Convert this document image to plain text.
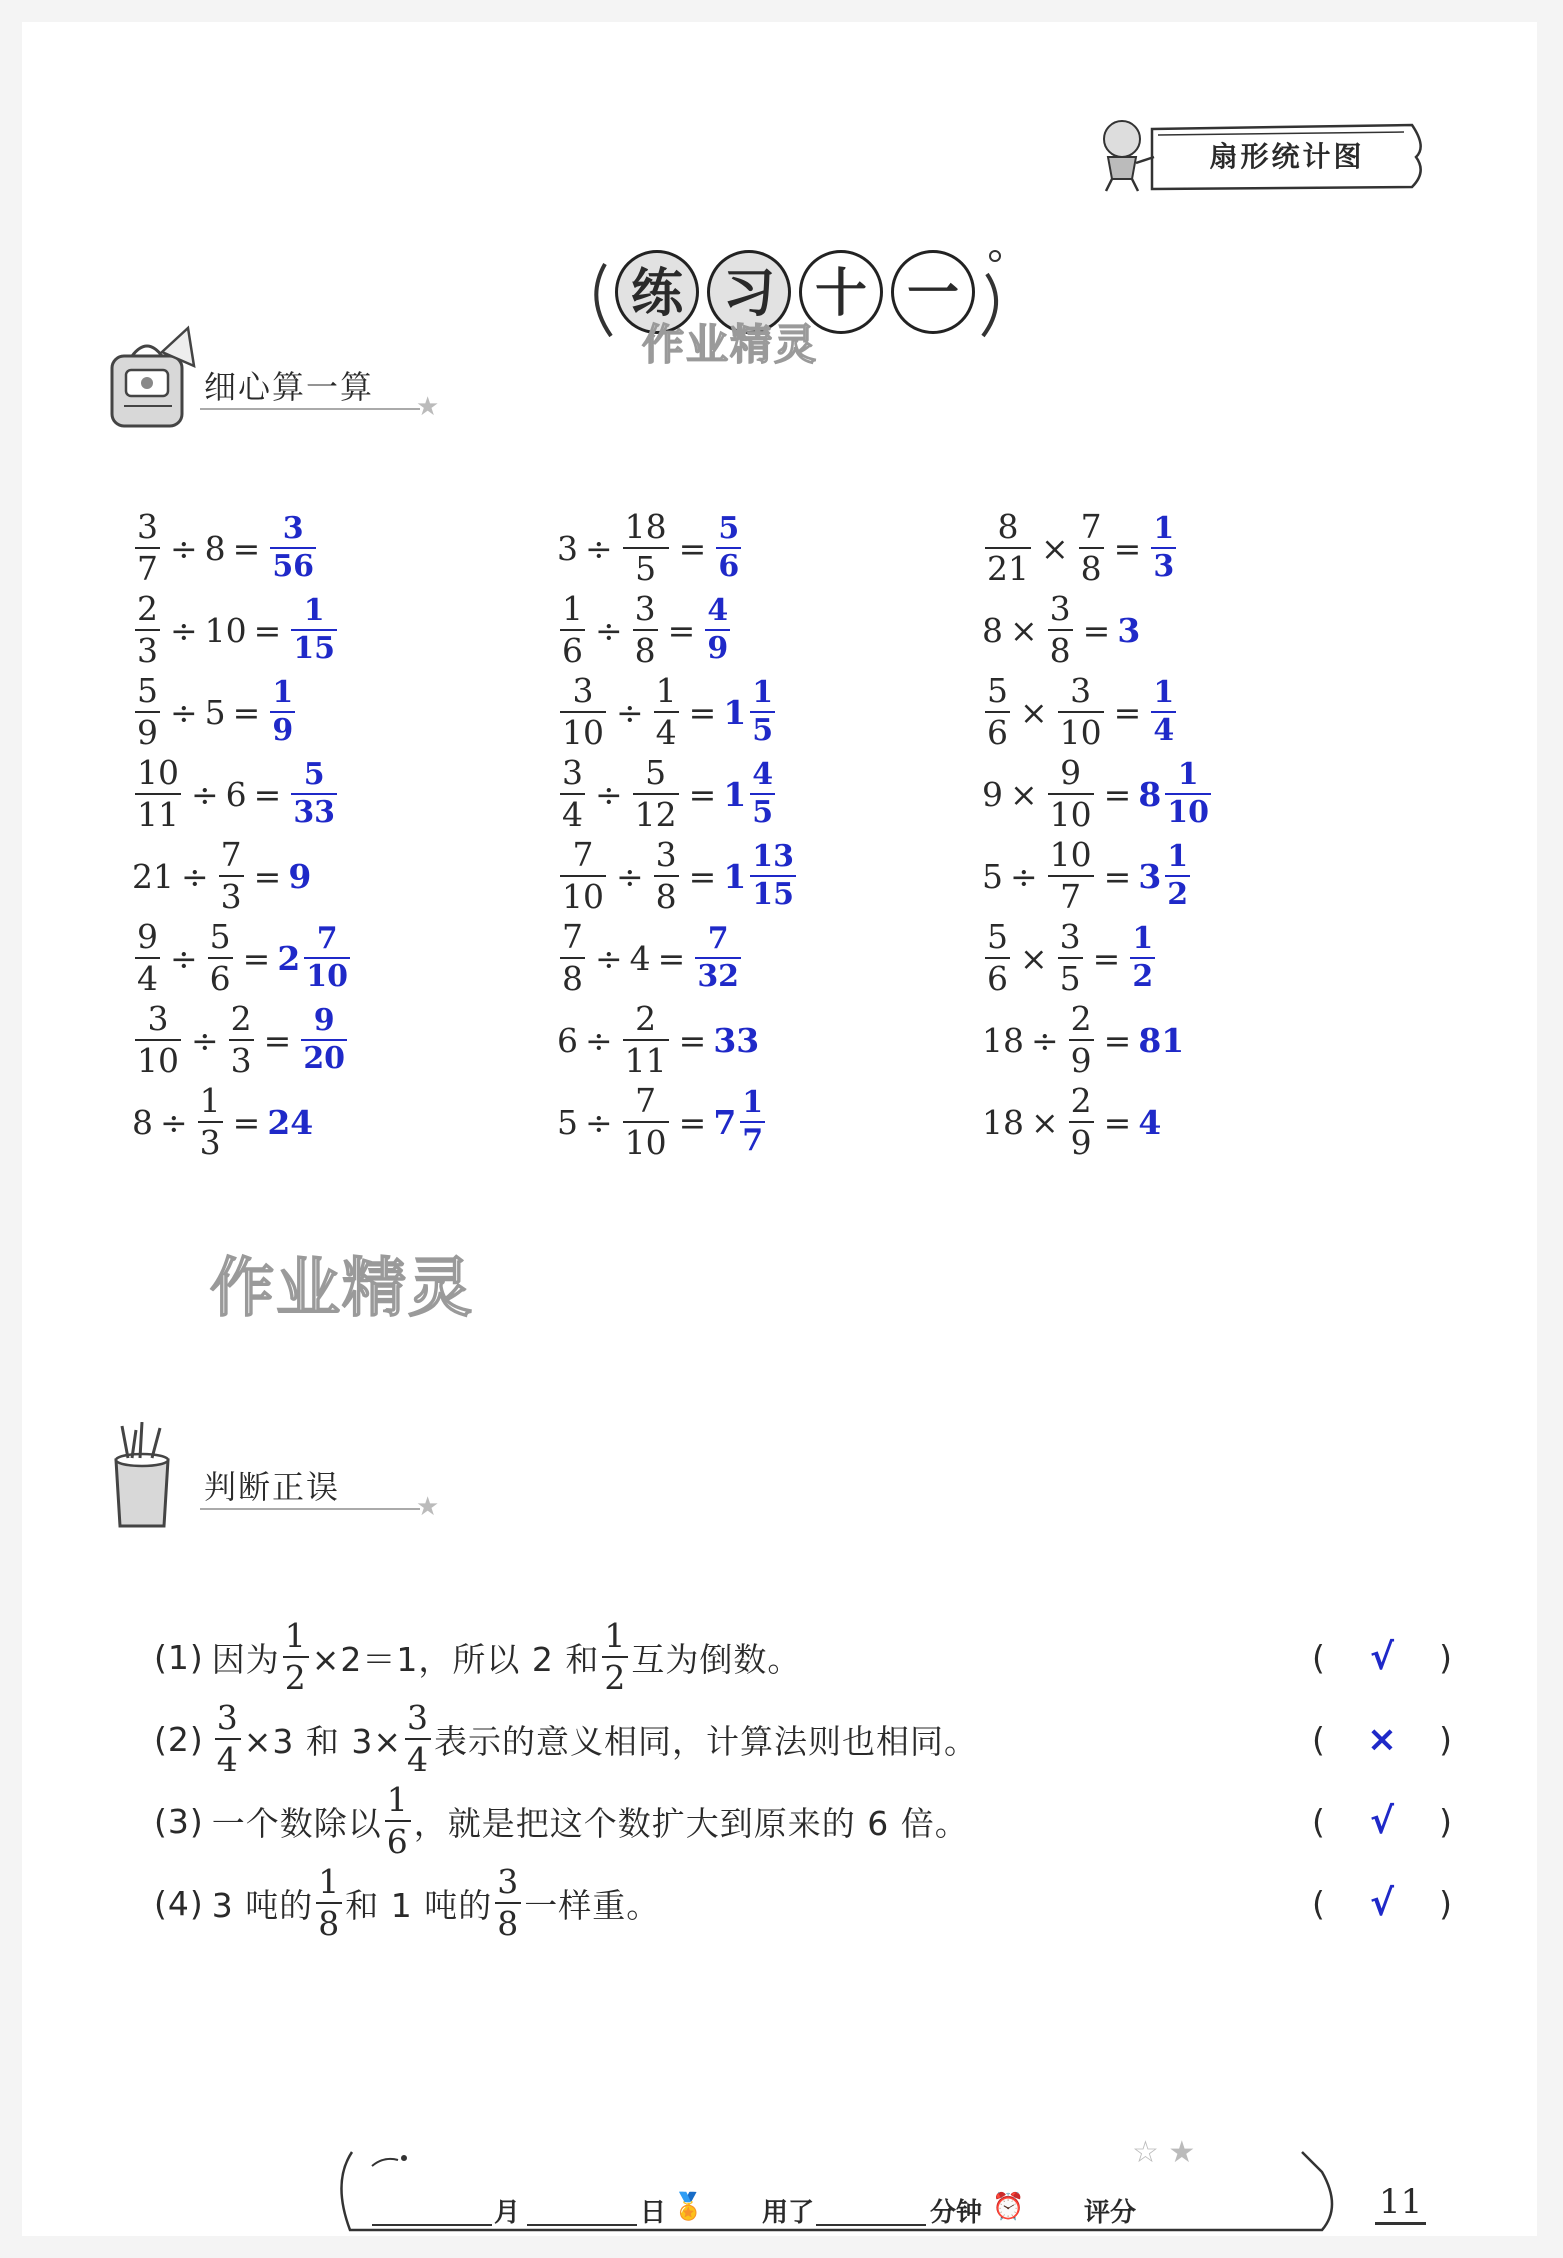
扇形统计图
练 习 十 一
作业精灵
细心算一算
★
$\frac{3}{7} \div 8 = \frac{3}{56}$	$3 \div \frac{18}{5} = \frac{5}{6}$	$\frac{8}{21} \times \frac{7}{8} = \frac{1}{3}$
$\frac{2}{3} \div 10 = \frac{1}{15}$	$\frac{1}{6} \div \frac{3}{8} = \frac{4}{9}$	$8 \times \frac{3}{8} = 3$
$\frac{5}{9} \div 5 = \frac{1}{9}$	$\frac{3}{10} \div \frac{1}{4} = 1 \frac{1}{5}$	$\frac{5}{6} \times \frac{3}{10} = \frac{1}{4}$
$\frac{10}{11} \div 6 = \frac{5}{33}$	$\frac{3}{4} \div \frac{5}{12} = 1 \frac{4}{5}$	$9 \times \frac{9}{10} = 8 \frac{1}{10}$
$21 \div \frac{7}{3} = 9$	$\frac{7}{10} \div \frac{3}{8} = 1 \frac{13}{15}$	$5 \div \frac{10}{7} = 3 \frac{1}{2}$
$\frac{9}{4} \div \frac{5}{6} = 2 \frac{7}{10}$	$\frac{7}{8} \div 4 = \frac{7}{32}$	$\frac{5}{6} \times \frac{3}{5} = \frac{1}{2}$
$\frac{3}{10} \div \frac{2}{3} = \frac{9}{20}$	$6 \div \frac{2}{11} = 33$	$18 \div \frac{2}{9} = 81$
$8 \div \frac{1}{3} = 24$	$5 \div \frac{7}{10} = 7 \frac{1}{7}$	$18 \times \frac{2}{9} = 4$
作业精灵
判断正误
★
(1) 因为 $\frac{1}{2} \times 2=1$，所以 2 和 $\frac{1}{2}$ 互为倒数。	( √ )
$(2) \frac{3}{4} \times 3$ 和 $3\times \frac{3}{4}$ 表示的意义相同，计算法则也相同。	( × )
(3) 一个数除以 $\frac{1}{6}$ ，就是把这个数扩大到原来的 6 倍。	( √ )
(4) 3 吨的 $\frac{1}{8}$ 和 1 吨的 $\frac{3}{8}$ 一样重。	( √ )
☆ ★
月	日 🏅 用了	分钟 ⏰ 评分	11
